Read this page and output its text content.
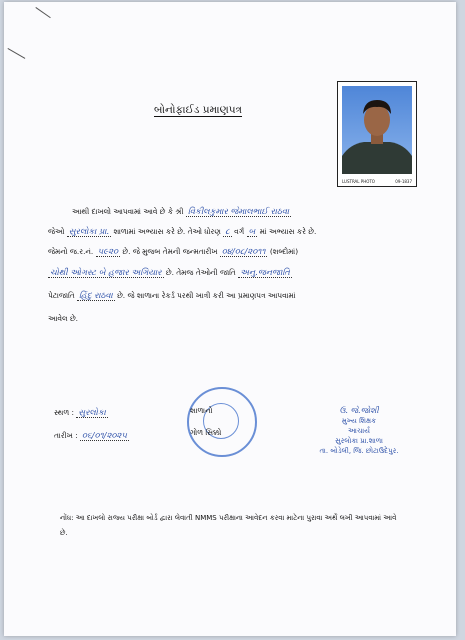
બોનોફાઈડ પ્રમાણપત્ર
LUSTRAL PHOTO	09-1837
આથી દાખલો આપવામાં આવે છે કે શ્રી વિકીલકુમાર જેમાલભાઈ રાઠવા
જેઓ સુરલોકા પ્રા. શાળામાં અભ્યાસ કરે છે. તેઓ ધોરણ ૮ વર્ગ બ માં અભ્યાસ કરે છે.
જેમનો જ.ર.નં. ૫૯૨૦ છે. જે મુજબ તેમની જન્મતારીખ ૦૪/૦૮/૨૦૧૧ (શબ્દોમાં)
ચોથી ઓગસ્ટ બે હજાર અગિયાર છે. તેમજ તેઓની જાતિ અનુ.જનજાતિ
પેટાજાતિ હિંદુ રાઠવા છે. જે શાળાના રેકર્ડ પરથી ખાત્રી કરી આ પ્રમાણપત્ર આપવામાં
આવેલ છે.
સ્થળ : સુરલોકા
તારીખ : ૦૬/૦૧/૨૦૨૫
શાળાનો
ગોળ સિક્કો
ઉ. જે.જોશી
મુખ્ય શિક્ષક
આચાર્ય
સુરલોકા પ્રા.શાળા
તા. બોડેલી, જિ. છોટાઉદેપુર.
નોંધ: આ દાખલો રાજ્ય પરીક્ષા બોર્ડ દ્વારા લેવાતી NMMS પરીક્ષાના આવેદન કરવા માટેના પુરાવા અર્થે લખી આપવામાં આવે છે.
